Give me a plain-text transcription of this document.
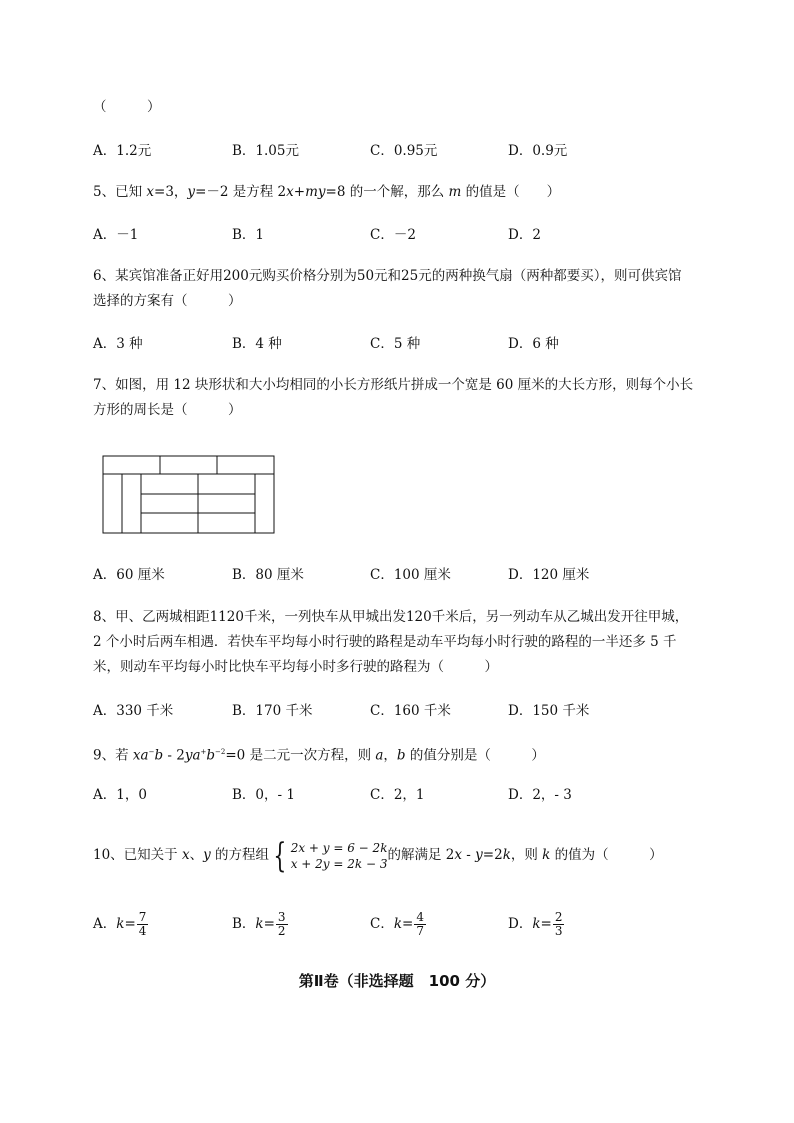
（　　　）
A．1.2元	B．1.05元	C．0.95元	D．0.9元
5、已知 x=3，y=－2 是方程 2x+my=8 的一个解，那么 m 的值是（　　）
A．－1	B．1	C．－2	D．2
6、某宾馆准备正好用200元购买价格分别为50元和25元的两种换气扇（两种都要买），则可供宾馆
选择的方案有（　　　）
A．3 种	B．4 种	C．5 种	D．6 种
7、如图，用 12 块形状和大小均相同的小长方形纸片拼成一个宽是 60 厘米的大长方形，则每个小长
方形的周长是（　　　）
A．60 厘米	B．80 厘米	C．100 厘米	D．120 厘米
8、甲、乙两城相距1120千米，一列快车从甲城出发120千米后，另一列动车从乙城出发开往甲城，
2 个小时后两车相遇．若快车平均每小时行驶的路程是动车平均每小时行驶的路程的一半还多 5 千
米，则动车平均每小时比快车平均每小时多行驶的路程为（　　　）
A．330 千米	B．170 千米	C．160 千米	D．150 千米
9、若 $xa^-b - 2ya^+b^{-2}=0$ 是二元一次方程，则 a，b 的值分别是（　　　）
A．1，0	B．0，- 1	C．2，1	D．2，- 3
10、已知关于 x、y 的方程组 { 2x + y = 6 − 2k
x + 2y = 2k − 3
的解满足 2x - y=2k，则 k 的值为（　　　）
A．$k= \frac{7}{4}$	B．$k= \frac{3}{2}$	C．$k= \frac{4}{7}$	D．$k= \frac{2}{3}$
第Ⅱ卷（非选择题　100 分）
